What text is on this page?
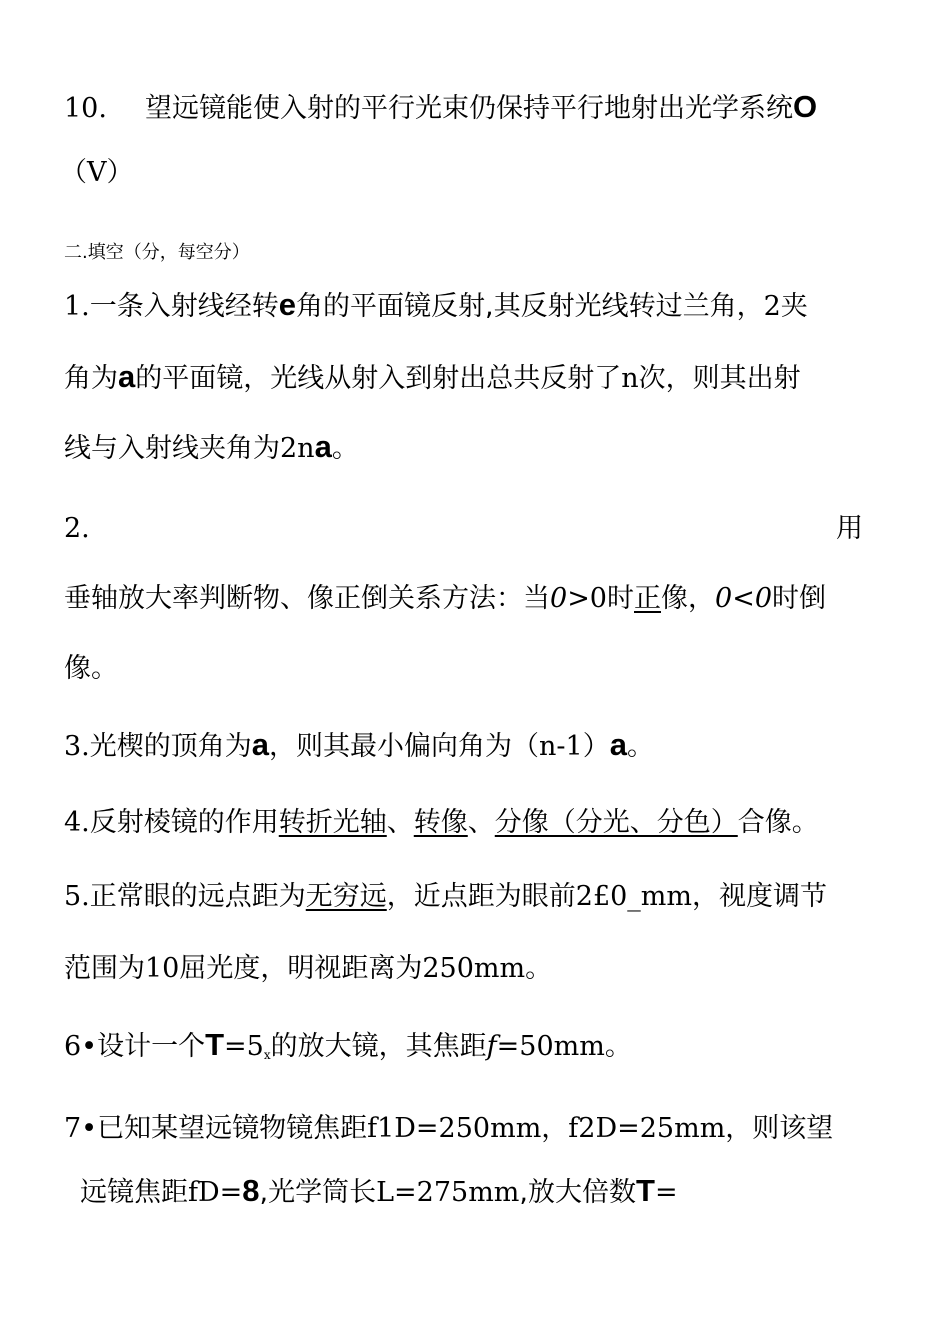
10. 望远镜能使入射的平行光束仍保持平行地射出光学系统O
（V）
二.填空（分，每空分）
1.一条入射线经转e角的平面镜反射,其反射光线转过兰角，2夹
角为a的平面镜，光线从射入到射出总共反射了n次，则其出射
线与入射线夹角为2na。
2.	用
垂轴放大率判断物、像正倒关系方法：当0>0时正像，0<0时倒
像。
3.光楔的顶角为a，则其最小偏向角为（n-1）a。
4.反射棱镜的作用转折光轴、转像、分像（分光、分色）合像。
5.正常眼的远点距为无穷远，近点距为眼前2£0_mm，视度调节
范围为10屈光度，明视距离为250mm。
6•设计一个$T=5_x$的放大镜，其焦距f=50mm。
7•已知某望远镜物镜焦距f1D=250mm，f2D=25mm，则该望
远镜焦距fD=8,光学筒长L=275mm,放大倍数T=
